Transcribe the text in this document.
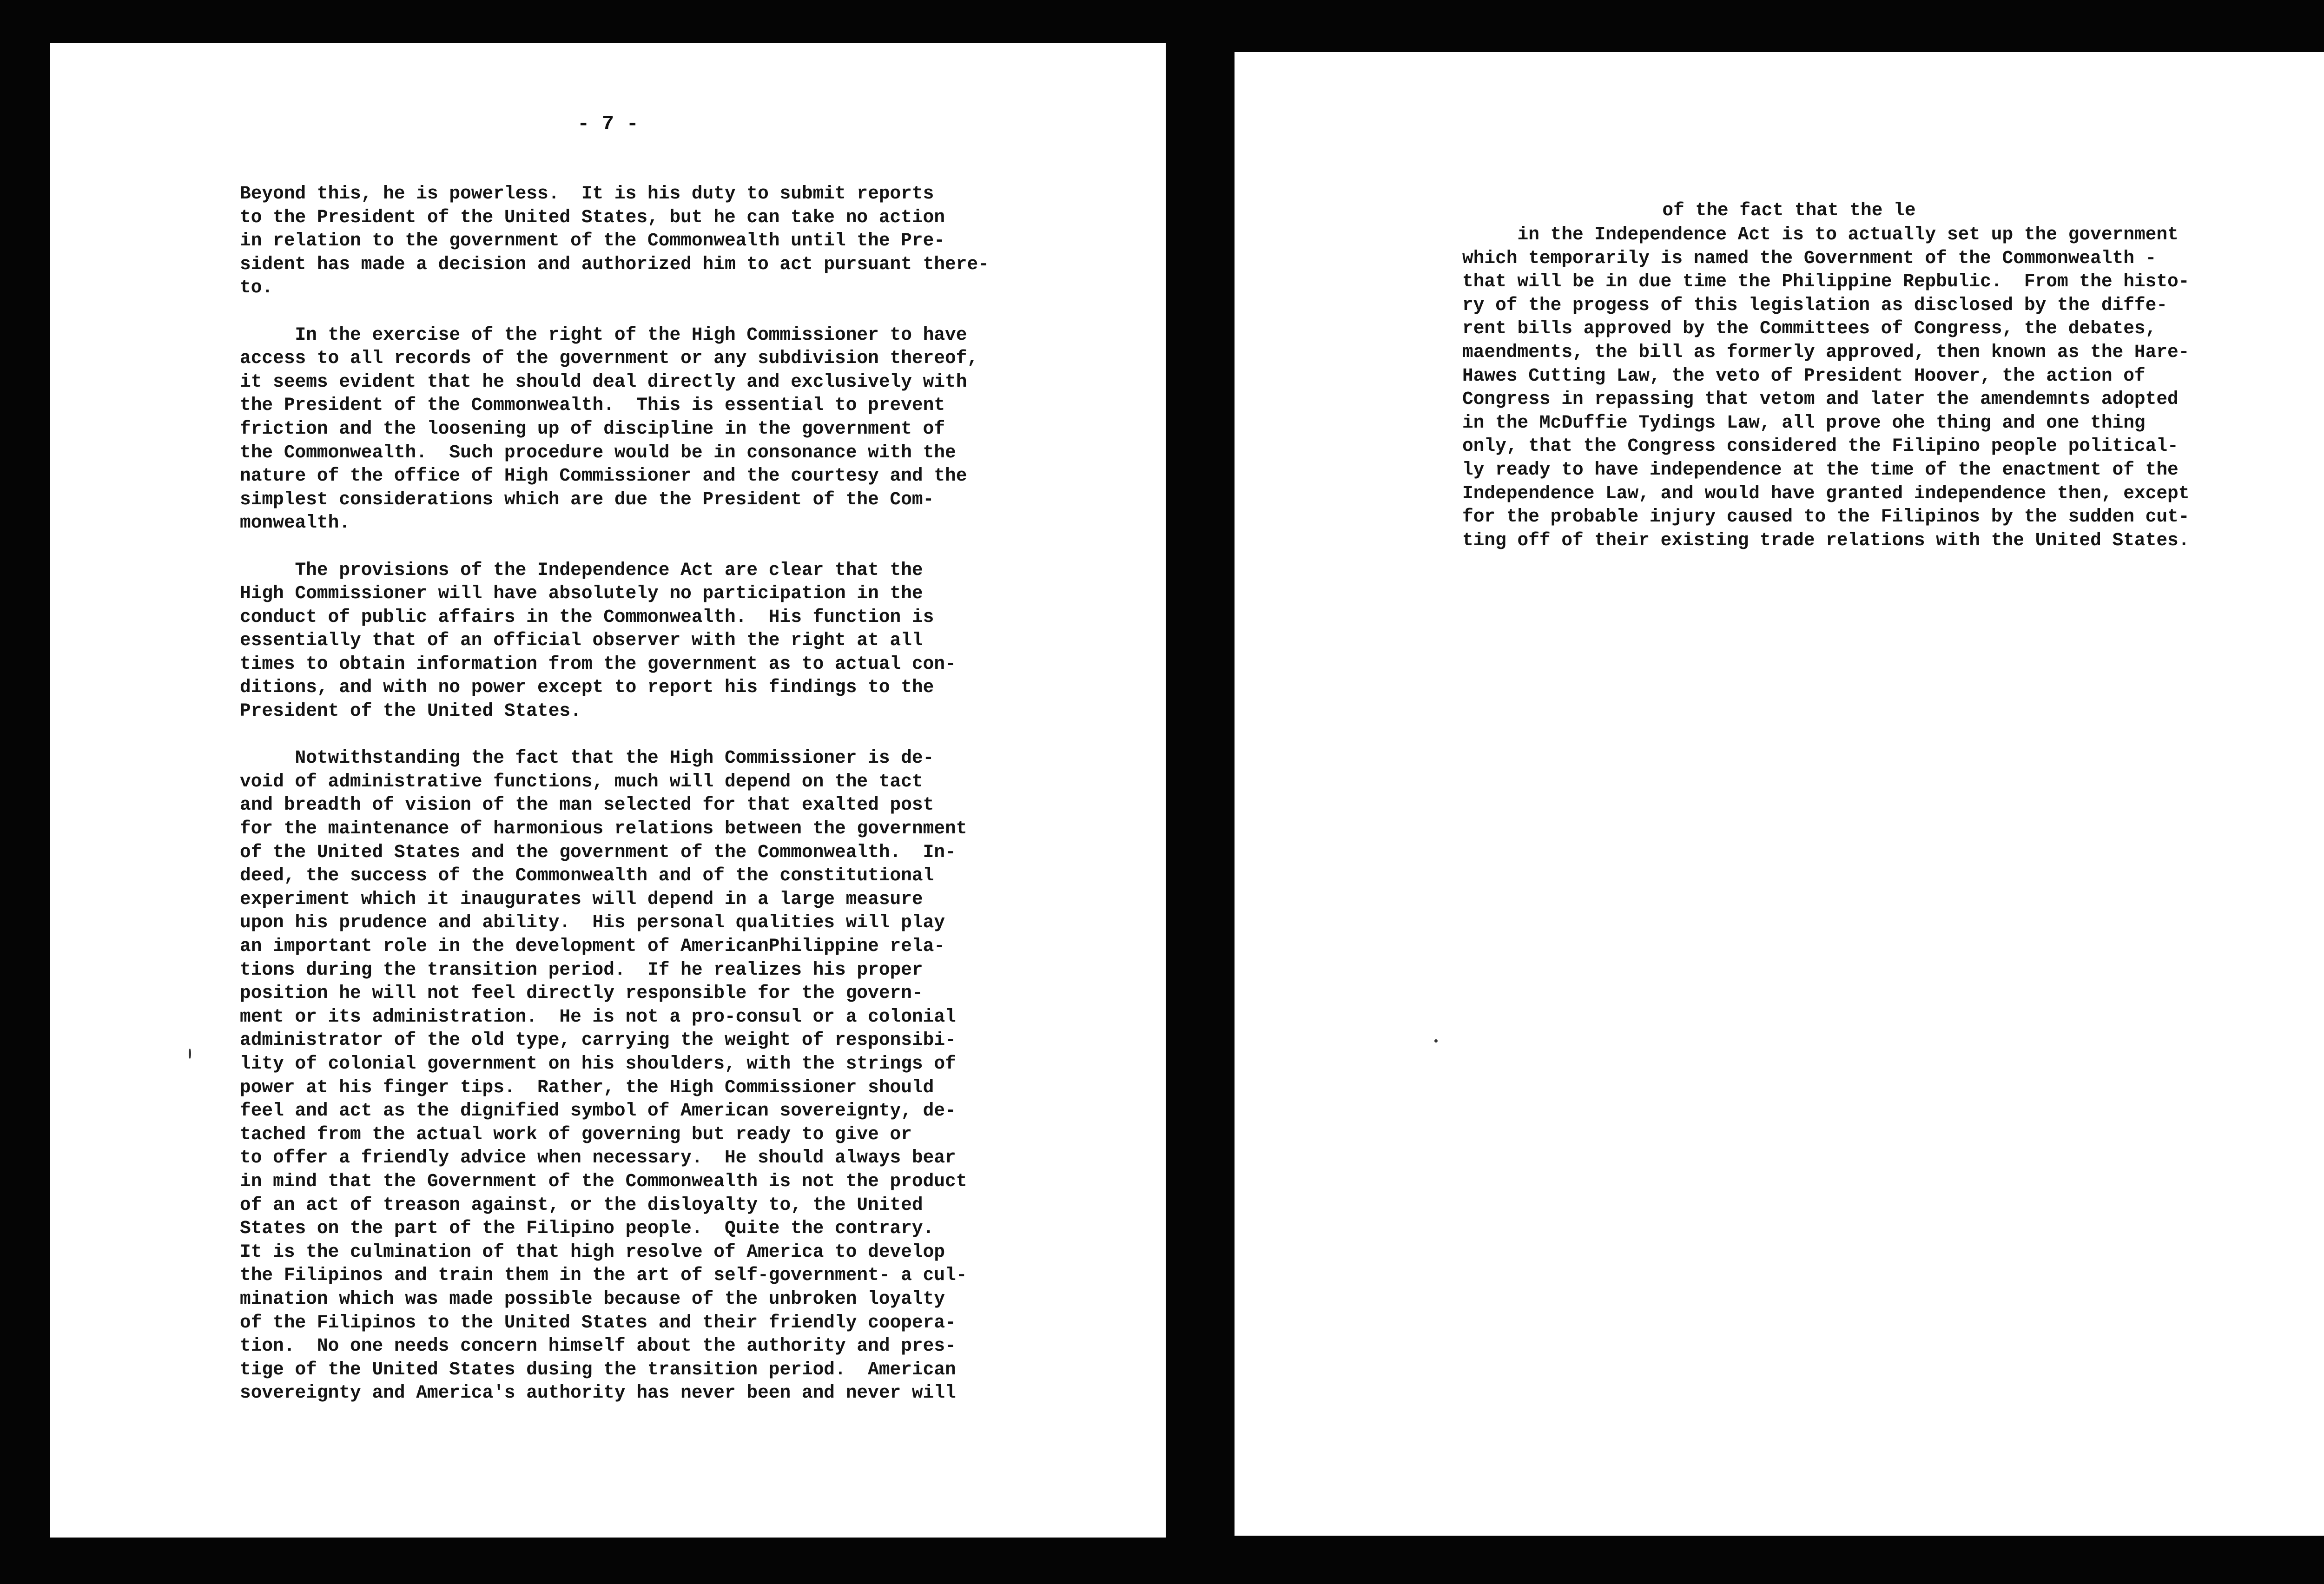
- 7 -
Beyond this, he is powerless.  It is his duty to submit reports
to the President of the United States, but he can take no action
in relation to the government of the Commonwealth until the Pre-
sident has made a decision and authorized him to act pursuant there-
to.

In the exercise of the right of the High Commissioner to have
access to all records of the government or any subdivision thereof,
it seems evident that he should deal directly and exclusively with
the President of the Commonwealth.  This is essential to prevent
friction and the loosening up of discipline in the government of
the Commonwealth.  Such procedure would be in consonance with the
nature of the office of High Commissioner and the courtesy and the
simplest considerations which are due the President of the Com-
monwealth.

The provisions of the Independence Act are clear that the
High Commissioner will have absolutely no participation in the
conduct of public affairs in the Commonwealth.  His function is
essentially that of an official observer with the right at all
times to obtain information from the government as to actual con-
ditions, and with no power except to report his findings to the
President of the United States.

Notwithstanding the fact that the High Commissioner is de-
void of administrative functions, much will depend on the tact
and breadth of vision of the man selected for that exalted post
for the maintenance of harmonious relations between the government
of the United States and the government of the Commonwealth.  In-
deed, the success of the Commonwealth and of the constitutional
experiment which it inaugurates will depend in a large measure
upon his prudence and ability.  His personal qualities will play
an important role in the development of AmericanPhilippine rela-
tions during the transition period.  If he realizes his proper
position he will not feel directly responsible for the govern-
ment or its administration.  He is not a pro-consul or a colonial
administrator of the old type, carrying the weight of responsibi-
lity of colonial government on his shoulders, with the strings of
power at his finger tips.  Rather, the High Commissioner should
feel and act as the dignified symbol of American sovereignty, de-
tached from the actual work of governing but ready to give or
to offer a friendly advice when necessary.  He should always bear
in mind that the Government of the Commonwealth is not the product
of an act of treason against, or the disloyalty to, the United
States on the part of the Filipino people.  Quite the contrary.
It is the culmination of that high resolve of America to develop
the Filipinos and train them in the art of self-government- a cul-
mination which was made possible because of the unbroken loyalty
of the Filipinos to the United States and their friendly coopera-
tion.  No one needs concern himself about the authority and pres-
tige of the United States dusing the transition period.  American
sovereignty and America's authority has never been and never will
of the fact that the le
in the Independence Act is to actually set up the government
which temporarily is named the Government of the Commonwealth -
that will be in due time the Philippine Repbulic.  From the histo-
ry of the progess of this legislation as disclosed by the diffe-
rent bills approved by the Committees of Congress, the debates,
maendments, the bill as formerly approved, then known as the Hare-
Hawes Cutting Law, the veto of President Hoover, the action of
Congress in repassing that vetom and later the amendemnts adopted
in the McDuffie Tydings Law, all prove ohe thing and one thing
only, that the Congress considered the Filipino people political-
ly ready to have independence at the time of the enactment of the
Independence Law, and would have granted independence then, except
for the probable injury caused to the Filipinos by the sudden cut-
ting off of their existing trade relations with the United States.
